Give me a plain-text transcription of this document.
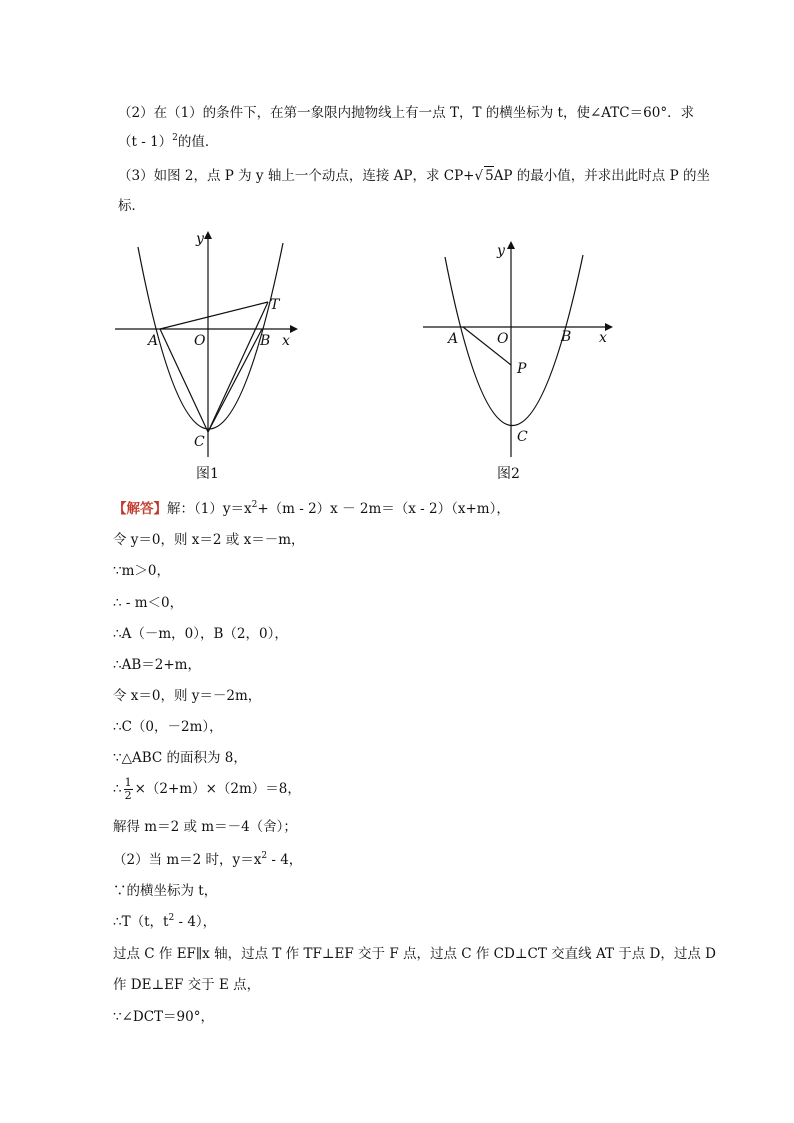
（2）在（1）的条件下，在第一象限内抛物线上有一点 T，T 的横坐标为 t，使∠ATC＝60°．求
（t - 1）$^2$的值．
（3）如图 2，点 P 为 y 轴上一个动点，连接 AP，求 CP+√ 5AP 的最小值，并求出此时点 P 的坐
标．
y
x
A	O	B
T
C
图1
y
x
A	O	B
P
C
图2
【解答】解：$(1)y=x^2+(m - 2)x - 2m=(x - 2)(x+m)$，
令 y＝0，则 x＝2 或 x＝－m，
∵m＞0，
∴ - m＜0，
∴A（－m，0），B（2，0），
∴AB＝2+m，
令 x＝0，则 y＝－2m，
∴C（0，－2m），
∵△ABC 的面积为 8，
∴ $\frac{1}{2} \times(2+m)\times(2m)=8$，
解得 m＝2 或 m＝－4（舍）；
（2）当 m＝2 时，$y=x^2 - 4$，
∵的横坐标为 t，
∴T（t，$t^2 - 4$），
过点 C 作 EF∥x 轴，过点 T 作 TF⊥EF 交于 F 点，过点 C 作 CD⊥CT 交直线 AT 于点 D，过点 D
作 DE⊥EF 交于 E 点，
∵∠DCT＝90°，
